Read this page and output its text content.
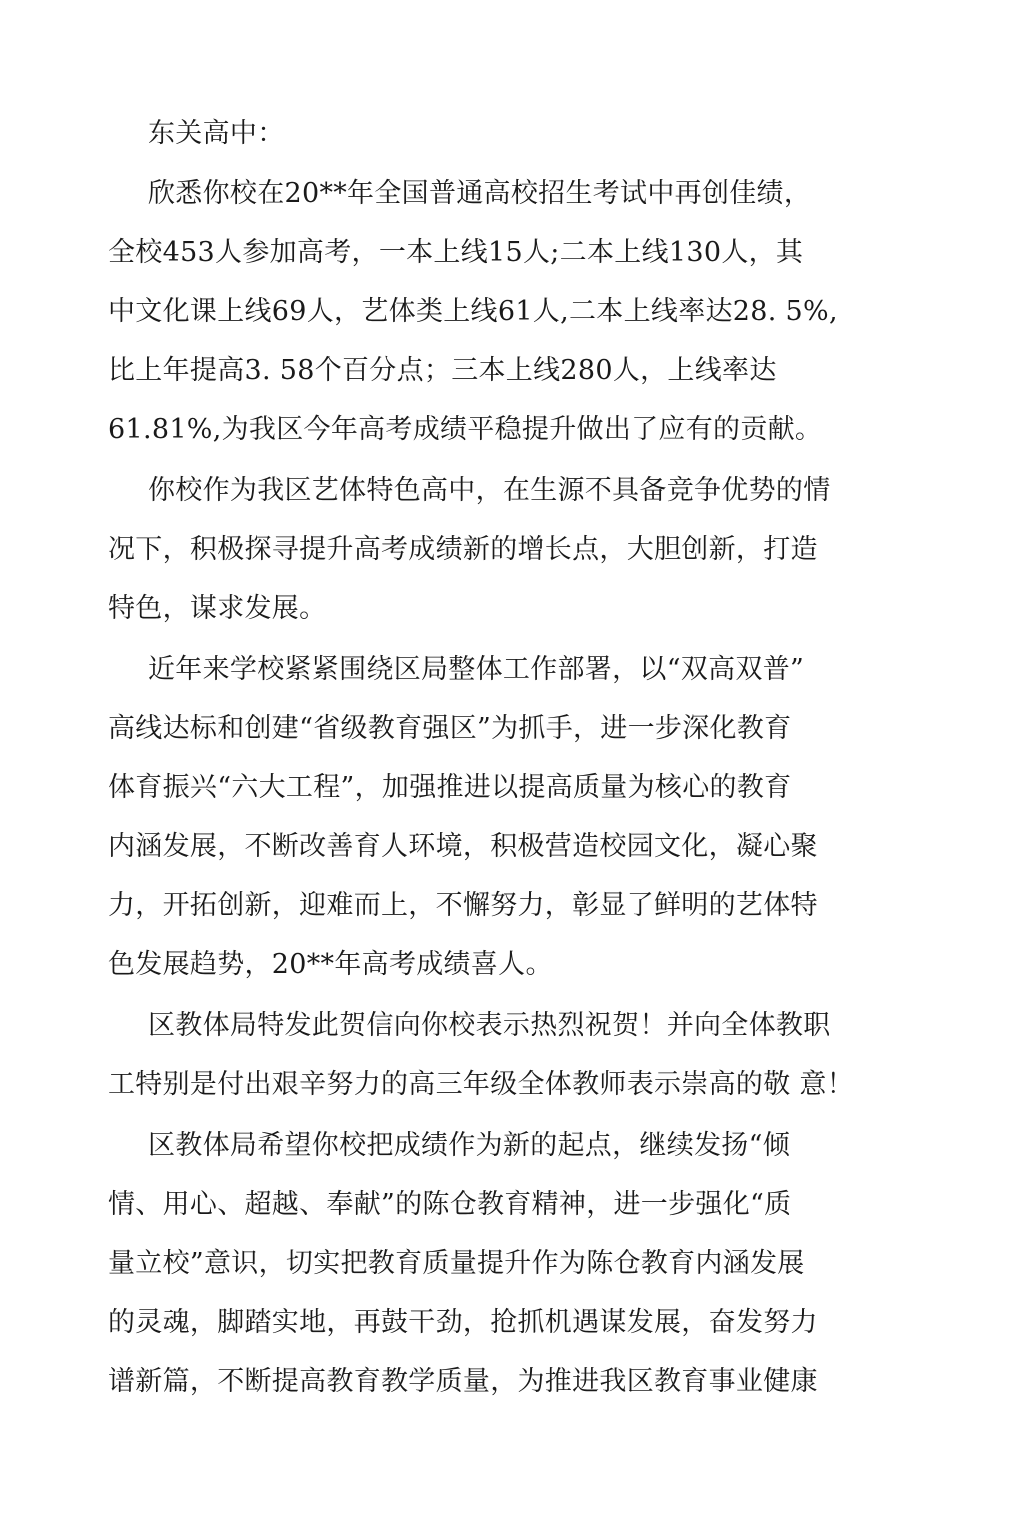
东关高中：
欣悉你校在20**年全国普通高校招生考试中再创佳绩，
全校453人参加高考，一本上线15人;二本上线130人，其
中文化课上线69人，艺体类上线61人,二本上线率达28. 5%,
比上年提高3. 58个百分点；三本上线280人，上线率达
61.81%,为我区今年高考成绩平稳提升做出了应有的贡献。
你校作为我区艺体特色高中，在生源不具备竞争优势的情
况下，积极探寻提升高考成绩新的增长点，大胆创新，打造
特色，谋求发展。
近年来学校紧紧围绕区局整体工作部署，以“双高双普”
高线达标和创建“省级教育强区”为抓手，进一步深化教育
体育振兴“六大工程”，加强推进以提高质量为核心的教育
内涵发展，不断改善育人环境，积极营造校园文化，凝心聚
力，开拓创新，迎难而上，不懈努力，彰显了鲜明的艺体特
色发展趋势，20**年高考成绩喜人。
区教体局特发此贺信向你校表示热烈祝贺！并向全体教职
工特别是付出艰辛努力的高三年级全体教师表示崇高的敬 意！
区教体局希望你校把成绩作为新的起点，继续发扬“倾
情、用心、超越、奉献”的陈仓教育精神，进一步强化“质
量立校”意识，切实把教育质量提升作为陈仓教育内涵发展
的灵魂，脚踏实地，再鼓干劲，抢抓机遇谋发展，奋发努力
谱新篇，不断提高教育教学质量，为推进我区教育事业健康
